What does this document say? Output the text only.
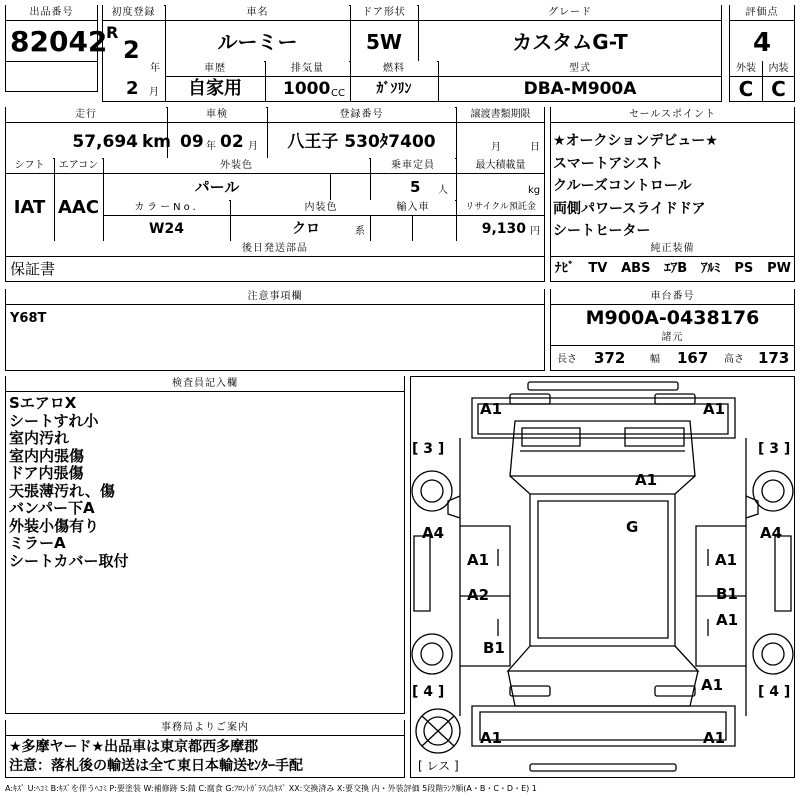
出品番号
82042
初度登録
R
2
年
2 月
車名
ルーミー
ドア形状
5W
グレード
カスタムG-T
車歴
自家用
排気量
1000 CC
燃料
ｶﾞｿﾘﾝ
型式
DBA-M900A
評価点
4
外装	内装
C C
走行
57,694 km
車検
09 年 02 月
登録番号
八王子 530ﾀ7400
譲渡書類期限
月	日
シフト
IAT
エアコン
AAC
外装色
パール
乗車定員
5 人
最大積載量
kg
カラーNo.
W24
内装色
クロ	系
輸入車	リサイクル預託金
9,130 円
後日発送部品
保証書
セールスポイント
★オークションデビュー★
スマートアシスト
クルーズコントロール
両側パワースライドドア
シートヒーター
純正装備
ﾅﾋﾞ TV ABS ｴｱB ｱﾙﾐ PS PW
注意事項欄
Y68T
車台番号
M900A-0438176
諸元
長さ 372 幅 167 高さ 173
検査員記入欄
SエアロX
シートすれ小
室内汚れ
室内内張傷
ドア内張傷
天張薄汚れ、傷
バンパー下A
外装小傷有り
ミラーA
シートカバー取付
事務局よりご案内
★多摩ヤード★出品車は東京都西多摩郡
注意：落札後の輸送は全て東日本輸送ｾﾝﾀｰ手配
A1	A1
A1
G
A4	A4
A1	A1
A2	B1
A1
B1
A1
A1	A1
[ 3 ]	[ 3 ]
[ 4 ]	[ 4 ]
[ レス ]
A:ｷｽﾞ U:ﾍｺﾐ B:ｷｽﾞを伴うﾍｺﾐ P:要塗装 W:補修跡 S:錆 C:腐食 G:ﾌﾛﾝﾄｶﾞﾗｽ点ｷｽﾞ XX:交換済み X:要交換 内・外装評価 5段階ﾗﾝｸ順(A・B・C・D・E) 1
